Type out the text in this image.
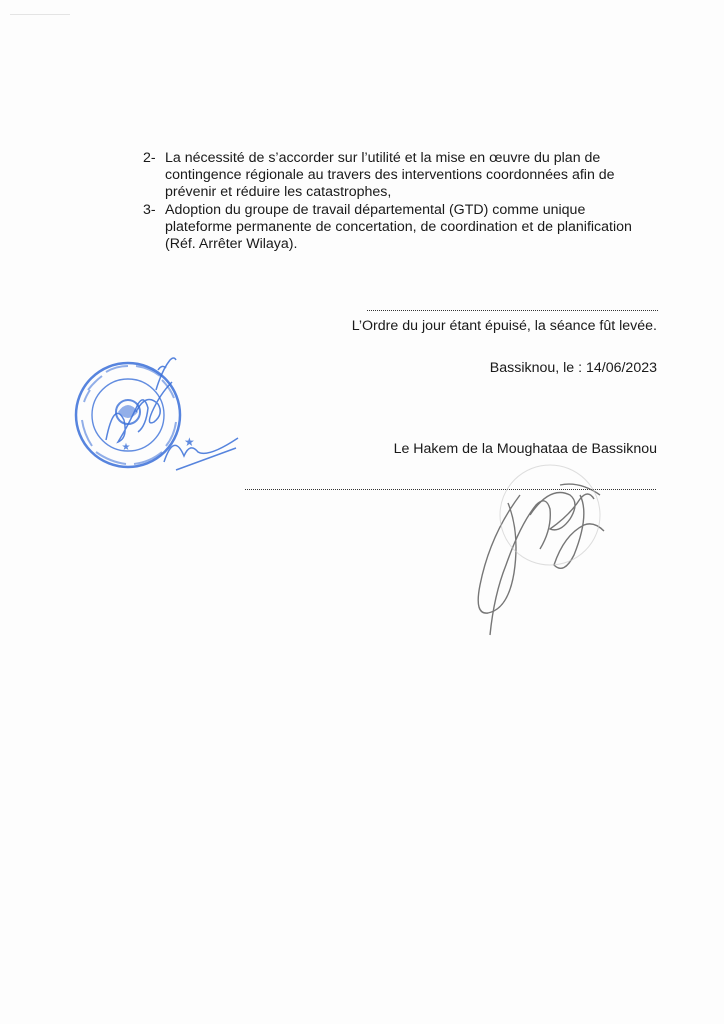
2- La nécessité de s’accorder sur l’utilité et la mise en œuvre du plan de contingence régionale au travers des interventions coordonnées afin de prévenir et réduire les catastrophes,
3- Adoption du groupe de travail départemental (GTD) comme unique plateforme permanente de concertation, de coordination et de planification (Réf. Arrêter Wilaya).
L’Ordre du jour étant épuisé, la séance fût levée.
Bassiknou, le : 14/06/2023
Le Hakem de la Moughataa de Bassiknou
★	★
